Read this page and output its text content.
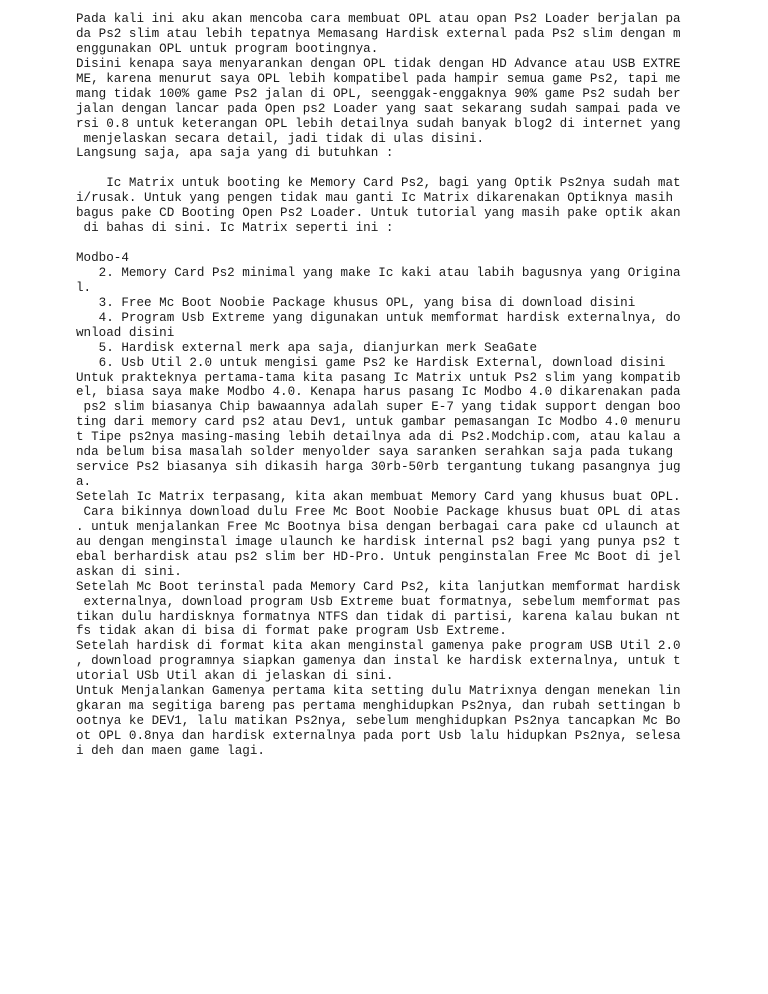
Pada kali ini aku akan mencoba cara membuat OPL atau opan Ps2 Loader berjalan pa
da Ps2 slim atau lebih tepatnya Memasang Hardisk external pada Ps2 slim dengan m
enggunakan OPL untuk program bootingnya.
Disini kenapa saya menyarankan dengan OPL tidak dengan HD Advance atau USB EXTRE
ME, karena menurut saya OPL lebih kompatibel pada hampir semua game Ps2, tapi me
mang tidak 100% game Ps2 jalan di OPL, seenggak-enggaknya 90% game Ps2 sudah ber
jalan dengan lancar pada Open ps2 Loader yang saat sekarang sudah sampai pada ve
rsi 0.8 untuk keterangan OPL lebih detailnya sudah banyak blog2 di internet yang
menjelaskan secara detail, jadi tidak di ulas disini.
Langsung saja, apa saja yang di butuhkan :
Ic Matrix untuk booting ke Memory Card Ps2, bagi yang Optik Ps2nya sudah mat
i/rusak. Untuk yang pengen tidak mau ganti Ic Matrix dikarenakan Optiknya masih
bagus pake CD Booting Open Ps2 Loader. Untuk tutorial yang masih pake optik akan
di bahas di sini. Ic Matrix seperti ini :
Modbo-4
2. Memory Card Ps2 minimal yang make Ic kaki atau labih bagusnya yang Origina
l.
3. Free Mc Boot Noobie Package khusus OPL, yang bisa di download disini
4. Program Usb Extreme yang digunakan untuk memformat hardisk externalnya, do
wnload disini
5. Hardisk external merk apa saja, dianjurkan merk SeaGate
6. Usb Util 2.0 untuk mengisi game Ps2 ke Hardisk External, download disini
Untuk prakteknya pertama-tama kita pasang Ic Matrix untuk Ps2 slim yang kompatib
el, biasa saya make Modbo 4.0. Kenapa harus pasang Ic Modbo 4.0 dikarenakan pada
ps2 slim biasanya Chip bawaannya adalah super E-7 yang tidak support dengan boo
ting dari memory card ps2 atau Dev1, untuk gambar pemasangan Ic Modbo 4.0 menuru
t Tipe ps2nya masing-masing lebih detailnya ada di Ps2.Modchip.com, atau kalau a
nda belum bisa masalah solder menyolder saya saranken serahkan saja pada tukang
service Ps2 biasanya sih dikasih harga 30rb-50rb tergantung tukang pasangnya jug
a.
Setelah Ic Matrix terpasang, kita akan membuat Memory Card yang khusus buat OPL.
Cara bikinnya download dulu Free Mc Boot Noobie Package khusus buat OPL di atas
. untuk menjalankan Free Mc Bootnya bisa dengan berbagai cara pake cd ulaunch at
au dengan menginstal image ulaunch ke hardisk internal ps2 bagi yang punya ps2 t
ebal berhardisk atau ps2 slim ber HD-Pro. Untuk penginstalan Free Mc Boot di jel
askan di sini.
Setelah Mc Boot terinstal pada Memory Card Ps2, kita lanjutkan memformat hardisk
externalnya, download program Usb Extreme buat formatnya, sebelum memformat pas
tikan dulu hardisknya formatnya NTFS dan tidak di partisi, karena kalau bukan nt
fs tidak akan di bisa di format pake program Usb Extreme.
Setelah hardisk di format kita akan menginstal gamenya pake program USB Util 2.0
, download programnya siapkan gamenya dan instal ke hardisk externalnya, untuk t
utorial USb Util akan di jelaskan di sini.
Untuk Menjalankan Gamenya pertama kita setting dulu Matrixnya dengan menekan lin
gkaran ma segitiga bareng pas pertama menghidupkan Ps2nya, dan rubah settingan b
ootnya ke DEV1, lalu matikan Ps2nya, sebelum menghidupkan Ps2nya tancapkan Mc Bo
ot OPL 0.8nya dan hardisk externalnya pada port Usb lalu hidupkan Ps2nya, selesa
i deh dan maen game lagi.
